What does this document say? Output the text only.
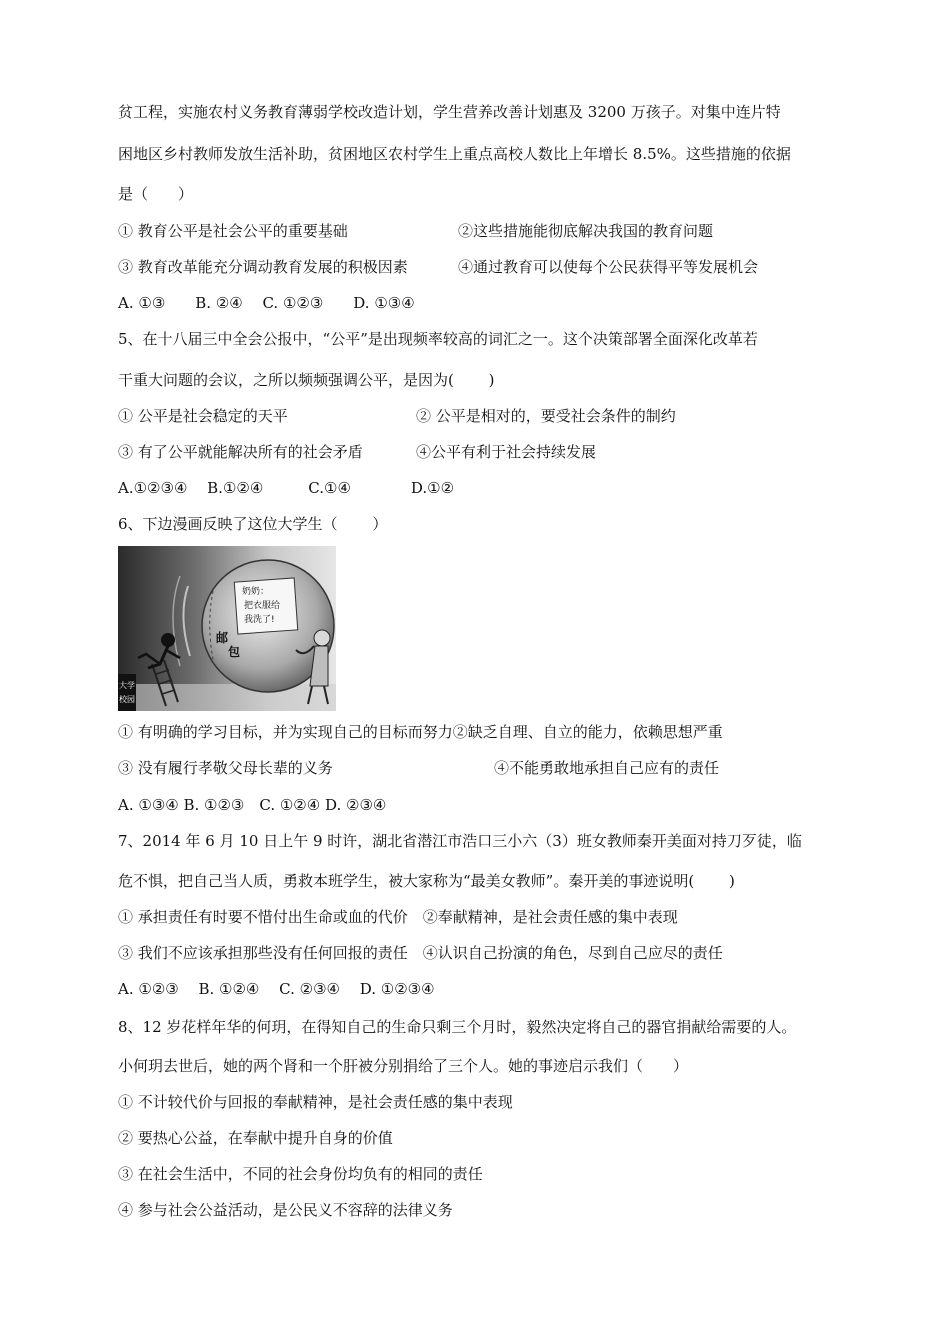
贫工程，实施农村义务教育薄弱学校改造计划，学生营养改善计划惠及 3200 万孩子。对集中连片特
困地区乡村教师发放生活补助，贫困地区农村学生上重点高校人数比上年增长 8.5%。这些措施的依据
是（　　）
① 教育公平是社会公平的重要基础	②这些措施能彻底解决我国的教育问题
③ 教育改革能充分调动教育发展的积极因素	④通过教育可以使每个公民获得平等发展机会
A. ①③　　B. ②④　 C. ①②③　　D. ①③④
5、在十八届三中全会公报中，“公平”是出现频率较高的词汇之一。这个决策部署全面深化改革若
干重大问题的会议，之所以频频强调公平，是因为(　　 )
① 公平是社会稳定的天平	② 公平是相对的，要受社会条件的制约
③ 有了公平就能解决所有的社会矛盾	④公平有利于社会持续发展
A.①②③④　 B.①②④　　　C.①④　　　　D.①②
6、下边漫画反映了这位大学生（　　 ）
奶奶：
把衣服给
我洗了!
邮
包
大学
校园
① 有明确的学习目标，并为实现自己的目标而努力②缺乏自理、自立的能力，依赖思想严重
③ 没有履行孝敬父母长辈的义务	④不能勇敢地承担自己应有的责任
A. ①③④ B. ①②③　C. ①②④ D. ②③④
7、2014 年 6 月 10 日上午 9 时许，湖北省潜江市浩口三小六（3）班女教师秦开美面对持刀歹徒，临
危不惧，把自己当人质，勇救本班学生，被大家称为“最美女教师”。秦开美的事迹说明(　　 )
① 承担责任有时要不惜付出生命或血的代价　②奉献精神，是社会责任感的集中表现
③ 我们不应该承担那些没有任何回报的责任　④认识自己扮演的角色，尽到自己应尽的责任
A. ①②③　 B. ①②④　 C. ②③④　 D. ①②③④
8、12 岁花样年华的何玥，在得知自己的生命只剩三个月时，毅然决定将自己的器官捐献给需要的人。
小何玥去世后，她的两个肾和一个肝被分别捐给了三个人。她的事迹启示我们（　　）
① 不计较代价与回报的奉献精神，是社会责任感的集中表现
② 要热心公益，在奉献中提升自身的价值
③ 在社会生活中，不同的社会身份均负有的相同的责任
④ 参与社会公益活动，是公民义不容辞的法律义务
